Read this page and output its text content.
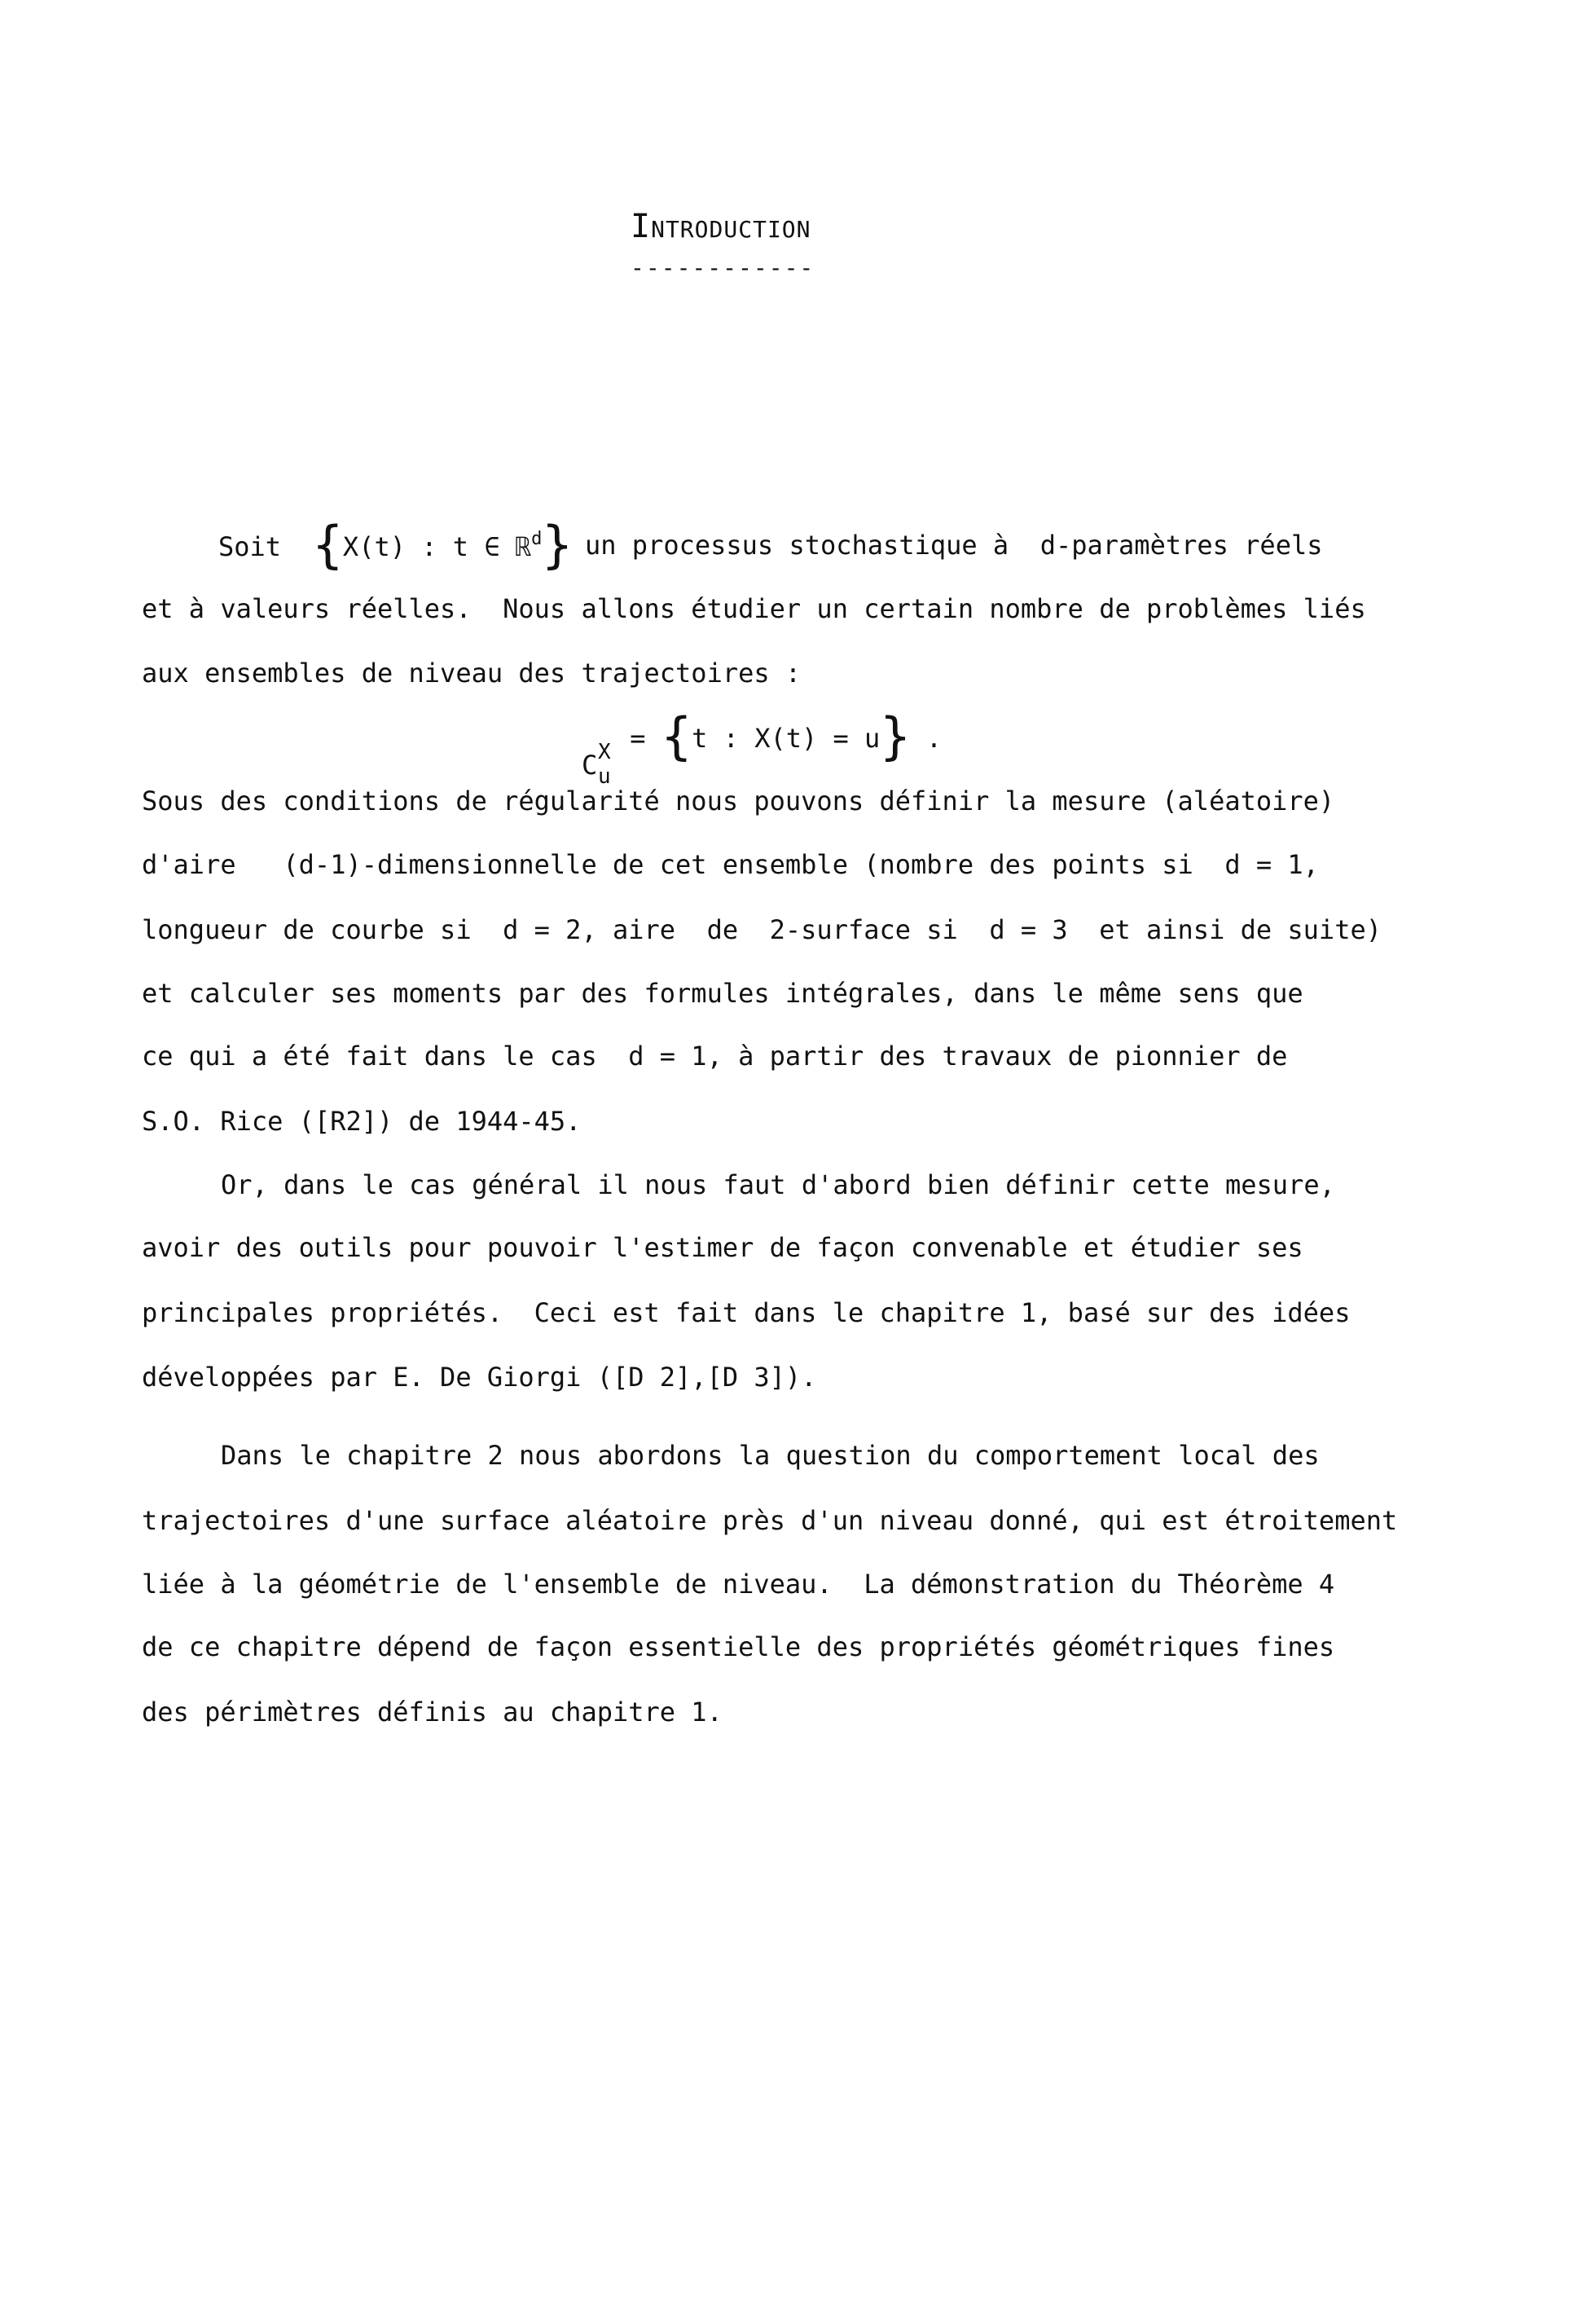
Introduction
------------
Soit {X(t) : t ∈ ℝ$^d$} un processus stochastique à  d-paramètres réels
et à valeurs réelles.  Nous allons étudier un certain nombre de problèmes liés
aux ensembles de niveau des trajectoires :
C X
u
= {t : X(t) = u} .
Sous des conditions de régularité nous pouvons définir la mesure (aléatoire)
d'aire   (d-1)-dimensionnelle de cet ensemble (nombre des points si  d = 1,
longueur de courbe si  d = 2, aire  de  2-surface si  d = 3  et ainsi de suite)
et calculer ses moments par des formules intégrales, dans le même sens que
ce qui a été fait dans le cas  d = 1, à partir des travaux de pionnier de
S.O. Rice ([R2]) de 1944-45.
Or, dans le cas général il nous faut d'abord bien définir cette mesure,
avoir des outils pour pouvoir l'estimer de façon convenable et étudier ses
principales propriétés.  Ceci est fait dans le chapitre 1, basé sur des idées
développées par E. De Giorgi ([D 2],[D 3]).
Dans le chapitre 2 nous abordons la question du comportement local des
trajectoires d'une surface aléatoire près d'un niveau donné, qui est étroitement
liée à la géométrie de l'ensemble de niveau.  La démonstration du Théorème 4
de ce chapitre dépend de façon essentielle des propriétés géométriques fines
des périmètres définis au chapitre 1.
